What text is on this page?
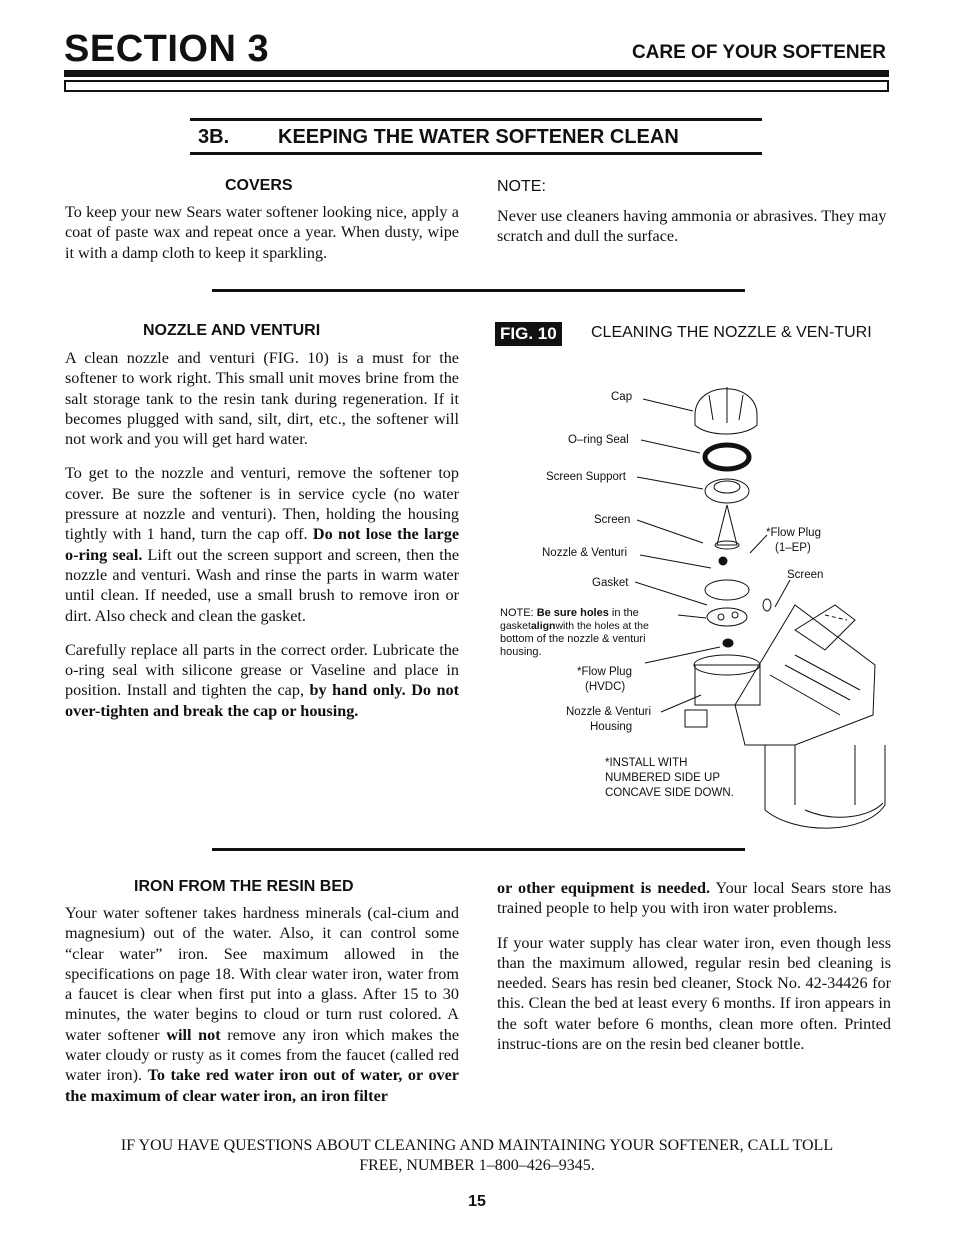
SECTION 3	CARE OF YOUR SOFTENER
3B. KEEPING THE WATER SOFTENER CLEAN
COVERS
To keep your new Sears water softener looking nice, apply a coat of paste wax and repeat once a year. When dusty, wipe it with a damp cloth to keep it sparkling.
NOTE:
Never use cleaners having ammonia or abrasives. They may scratch and dull the surface.
NOZZLE AND VENTURI

A clean nozzle and venturi (FIG. 10) is a must for the softener to work right. This small unit moves brine from the salt storage tank to the resin tank during regeneration. If it becomes plugged with sand, silt, dirt, etc., the softener will not work and you will get hard water.

To get to the nozzle and venturi, remove the softener top cover. Be sure the softener is in service cycle (no water pressure at nozzle and venturi). Then, holding the housing tightly with 1 hand, turn the cap off. Do not lose the large o-ring seal. Lift out the screen support and screen, then the nozzle and venturi. Wash and rinse the parts in warm water until clean. If needed, use a small brush to remove iron or dirt. Also check and clean the gasket.

Carefully replace all parts in the correct order. Lubricate the o-ring seal with silicone grease or Vaseline and place in position. Install and tighten the cap, by hand only. Do not over-tighten and break the cap or housing.

FIG. 10	CLEANING THE NOZZLE & VEN-TURI
Cap
O–ring Seal
Screen Support
Screen
Nozzle & Venturi
Gasket
*Flow Plug
(1–EP)
Screen
NOTE: Be sure holes in the
gasketalignwith the holes at the
bottom of the nozzle & venturi
housing.
*Flow Plug
(HVDC)
Nozzle & Venturi
Housing
*INSTALL WITH
NUMBERED SIDE UP
CONCAVE SIDE DOWN.
IRON FROM THE RESIN BED
Your water softener takes hardness minerals (cal-cium and magnesium) out of the water. Also, it can control some “clear water” iron. See maximum allowed in the specifications on page 18. With clear water iron, water from a faucet is clear when first put into a glass. After 15 to 30 minutes, the water begins to cloud or turn rust colored. A water softener will not remove any iron which makes the water cloudy or rusty as it comes from the faucet (called red water iron). To take red water iron out of water, or over the maximum of clear water iron, an iron filter

or other equipment is needed. Your local Sears store has trained people to help you with iron water problems.

If your water supply has clear water iron, even though less than the maximum allowed, regular resin bed cleaning is needed. Sears has resin bed cleaner, Stock No. 42-34426 for this. Clean the bed at least every 6 months. If iron appears in the soft water before 6 months, clean more often. Printed instruc-tions are on the resin bed cleaner bottle.

IF YOU HAVE QUESTIONS ABOUT CLEANING AND MAINTAINING YOUR SOFTENER, CALL TOLL
FREE, NUMBER 1–800–426–9345.
15
